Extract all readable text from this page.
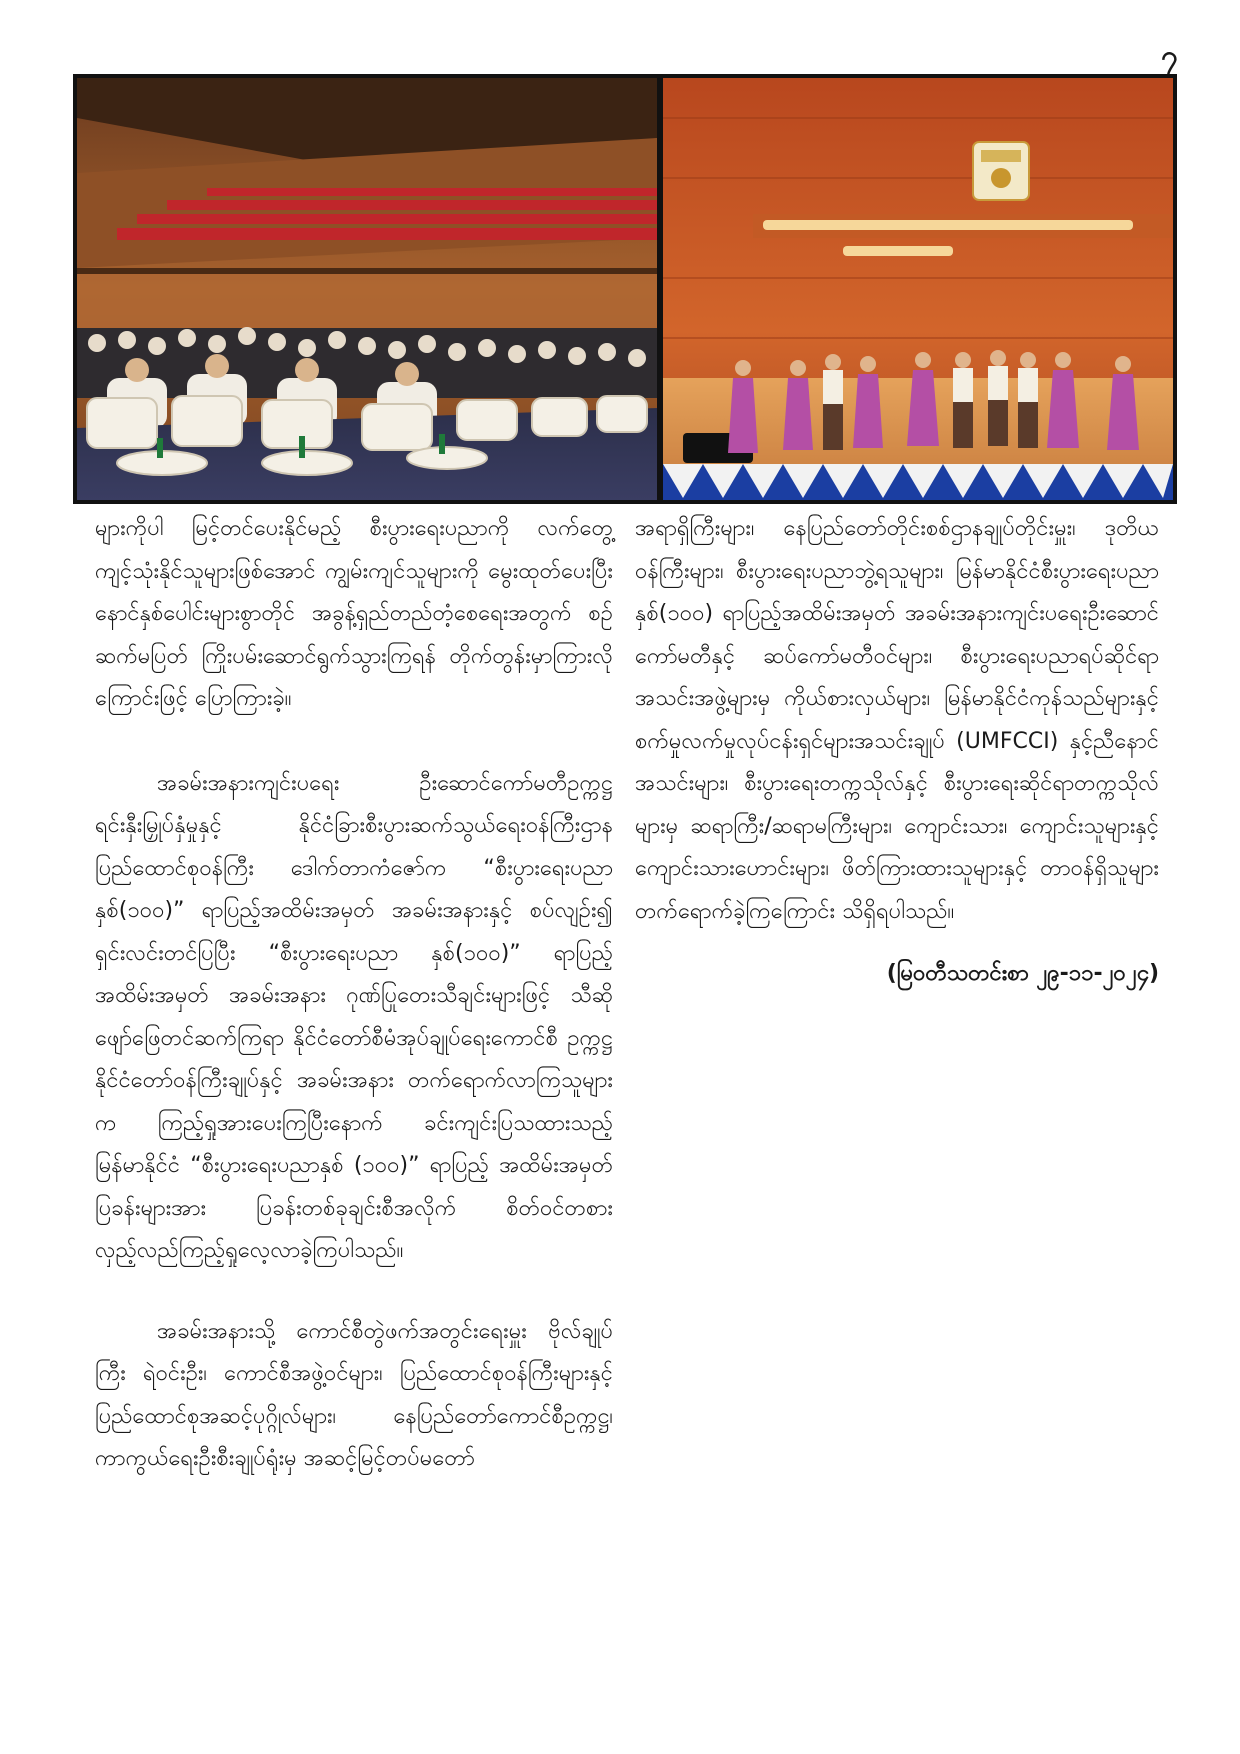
၇

များကိုပါ မြင့်တင်ပေးနိုင်မည့် စီးပွားရေးပညာကို လက်တွေ့ကျင့်သုံးနိုင်သူများဖြစ်အောင် ကျွမ်းကျင်သူများကို မွေးထုတ်ပေးပြီး နောင်နှစ်ပေါင်းများစွာတိုင် အခွန့်ရှည်တည်တံ့စေရေးအတွက် စဉ်ဆက်မပြတ် ကြိုးပမ်းဆောင်ရွက်သွားကြရန် တိုက်တွန်းမှာကြားလိုကြောင်းဖြင့် ပြောကြားခဲ့။

အခမ်းအနားကျင်းပရေး ဦးဆောင်ကော်မတီဥက္ကဋ္ဌ ရင်းနှီးမြှုပ်နှံမှုနှင့် နိုင်ငံခြားစီးပွားဆက်သွယ်ရေးဝန်ကြီးဌာန ပြည်ထောင်စုဝန်ကြီး ဒေါက်တာကံဇော်က “စီးပွားရေးပညာနှစ်(၁၀၀)” ရာပြည့်အထိမ်းအမှတ် အခမ်းအနားနှင့် စပ်လျဉ်း၍ ရှင်းလင်းတင်ပြပြီး “စီးပွားရေးပညာ နှစ်(၁၀၀)” ရာပြည့် အထိမ်းအမှတ် အခမ်းအနား ဂုဏ်ပြုတေးသီချင်းများဖြင့် သီဆိုဖျော်ဖြေတင်ဆက်ကြရာ နိုင်ငံတော်စီမံအုပ်ချုပ်ရေးကောင်စီ ဥက္ကဋ္ဌ နိုင်ငံတော်ဝန်ကြီးချုပ်နှင့် အခမ်းအနား တက်ရောက်လာကြသူများက ကြည့်ရှုအားပေးကြပြီးနောက် ခင်းကျင်းပြသထားသည့် မြန်မာနိုင်ငံ “စီးပွားရေးပညာနှစ် (၁၀၀)” ရာပြည့် အထိမ်းအမှတ်ပြခန်းများအား ပြခန်းတစ်ခုချင်းစီအလိုက် စိတ်ဝင်တစား လှည့်လည်ကြည့်ရှုလေ့လာခဲ့ကြပါသည်။

အခမ်းအနားသို့ ကောင်စီတွဲဖက်အတွင်းရေးမှူး ဗိုလ်ချုပ်ကြီး ရဲဝင်းဦး၊ ကောင်စီအဖွဲ့ဝင်များ၊ ပြည်ထောင်စုဝန်ကြီးများနှင့် ပြည်ထောင်စုအဆင့်ပုဂ္ဂိုလ်များ၊ နေပြည်တော်ကောင်စီဥက္ကဋ္ဌ၊ ကာကွယ်ရေးဦးစီးချုပ်ရုံးမှ အဆင့်မြင့်တပ်မတော်

အရာရှိကြီးများ၊ နေပြည်တော်တိုင်းစစ်ဌာနချုပ်တိုင်းမှူး၊ ဒုတိယဝန်ကြီးများ၊ စီးပွားရေးပညာဘွဲ့ရသူများ၊ မြန်မာနိုင်ငံစီးပွားရေးပညာနှစ်(၁၀၀) ရာပြည့်အထိမ်းအမှတ် အခမ်းအနားကျင်းပရေးဦးဆောင်ကော်မတီနှင့် ဆပ်ကော်မတီဝင်များ၊ စီးပွားရေးပညာရပ်ဆိုင်ရာအသင်းအဖွဲ့များမှ ကိုယ်စားလှယ်များ၊ မြန်မာနိုင်ငံကုန်သည်များနှင့် စက်မှုလက်မှုလုပ်ငန်းရှင်များအသင်းချုပ် (UMFCCI) နှင့်ညီနောင်အသင်းများ၊ စီးပွားရေးတက္ကသိုလ်နှင့် စီးပွားရေးဆိုင်ရာတက္ကသိုလ်များမှ ဆရာကြီး/ဆရာမကြီးများ၊ ကျောင်းသား၊ ကျောင်းသူများနှင့် ကျောင်းသားဟောင်းများ၊ ဖိတ်ကြားထားသူများနှင့် တာဝန်ရှိသူများ တက်ရောက်ခဲ့ကြကြောင်း သိရှိရပါသည်။

(မြဝတီသတင်းစာ ၂၉-၁၁-၂၀၂၄)
